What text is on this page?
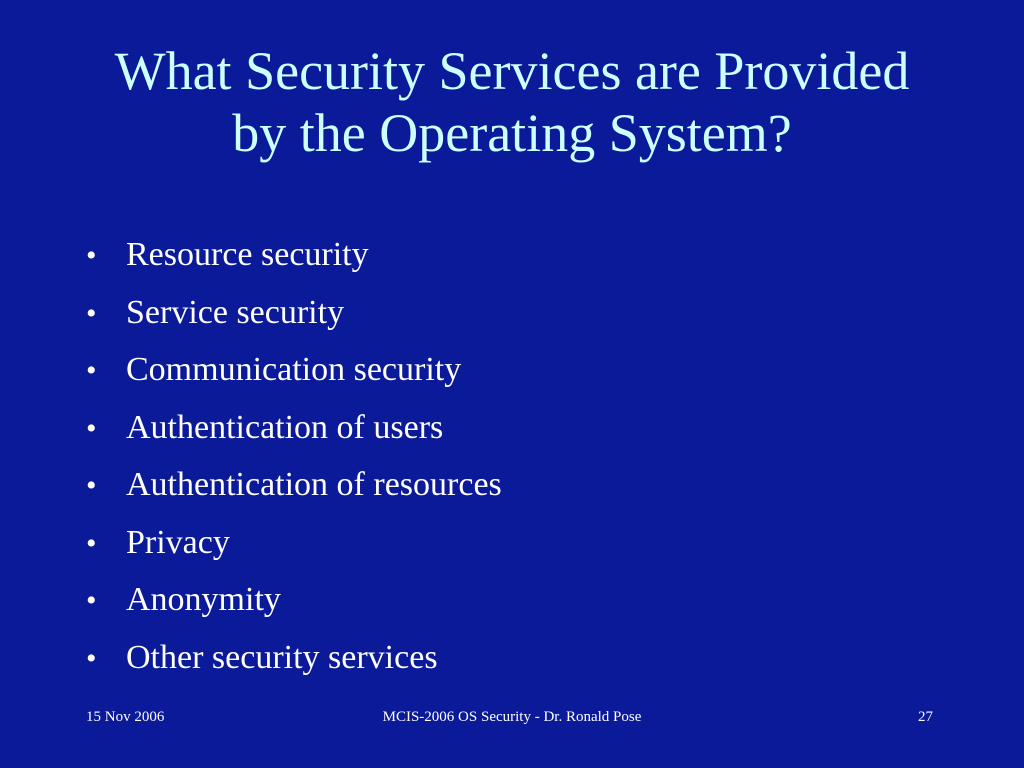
What Security Services are Provided
by the Operating System?
• Resource security
• Service security
• Communication security
• Authentication of users
• Authentication of resources
• Privacy
• Anonymity
• Other security services
15 Nov 2006	MCIS-2006 OS Security - Dr. Ronald Pose	27
